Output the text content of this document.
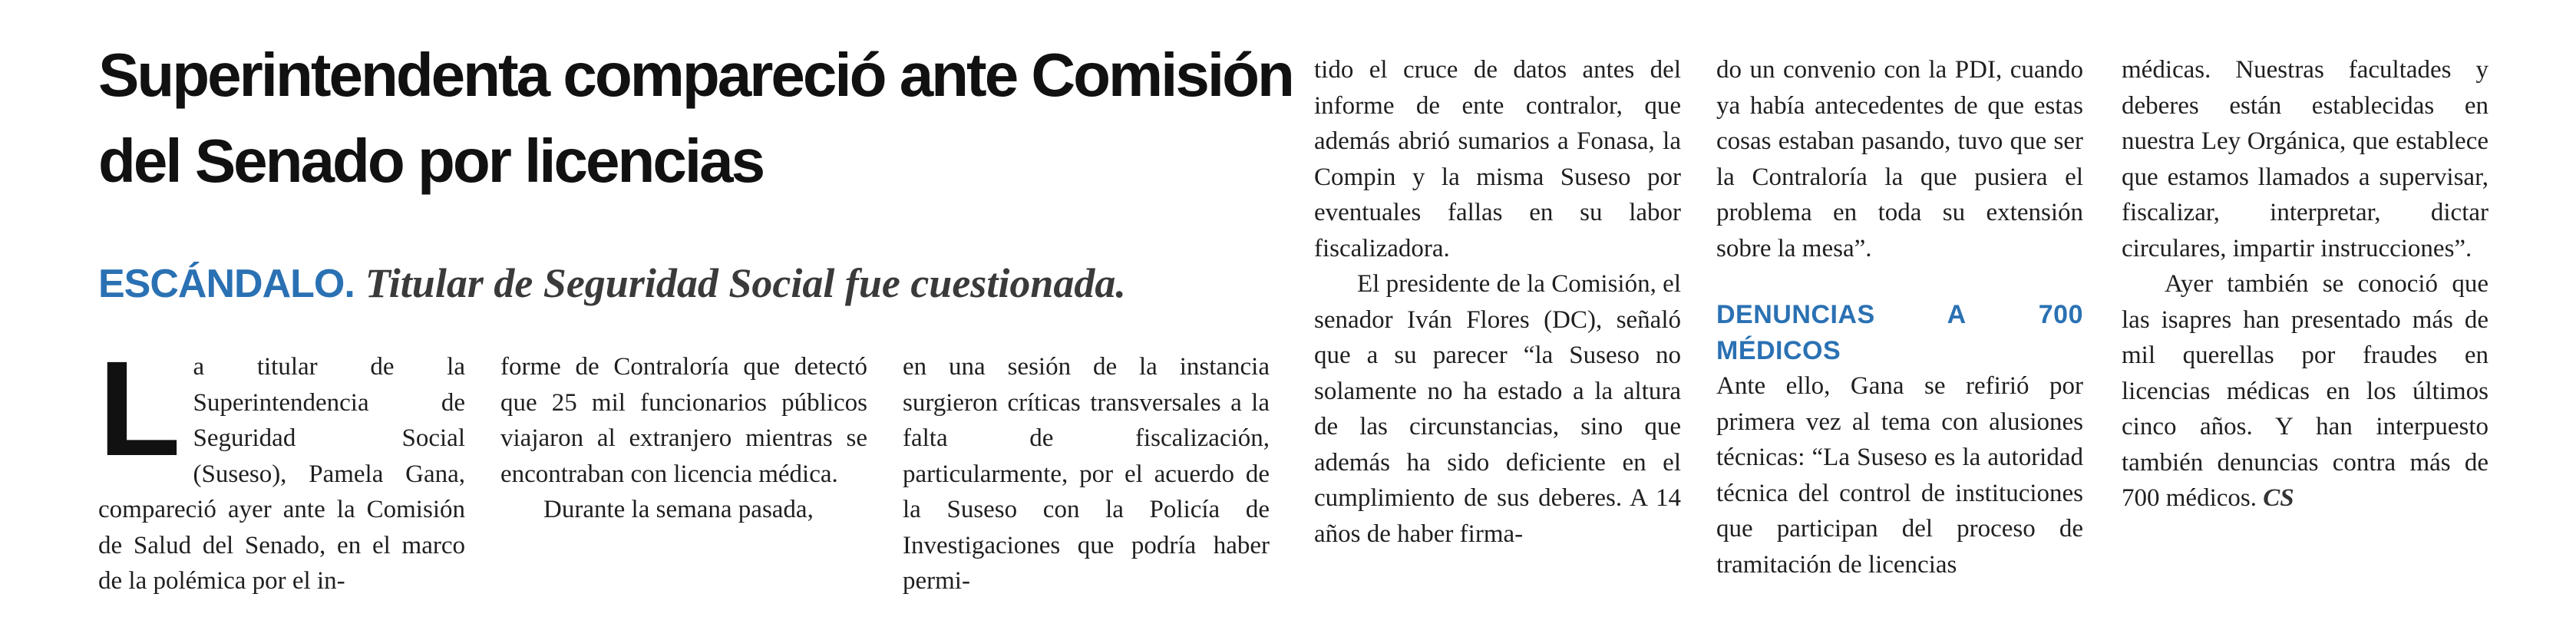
Superintendenta compareció ante Comisión del Senado por licencias
ESCÁNDALO. Titular de Seguridad Social fue cuestionada.

La titular de la Superintendencia de Seguridad Social (Suseso), Pamela Gana, compareció ayer ante la Comisión de Salud del Senado, en el marco de la polémica por el in-

forme de Contraloría que detectó que 25 mil funcionarios públicos viajaron al extranjero mientras se encontraban con licencia médica.

Durante la semana pasada,

en una sesión de la instancia surgieron críticas transversales a la falta de fiscalización, particularmente, por el acuerdo de la Suseso con la Policía de Investigaciones que podría haber permi-

tido el cruce de datos antes del informe de ente contralor, que además abrió sumarios a Fonasa, la Compin y la misma Suseso por eventuales fallas en su labor fiscalizadora.

El presidente de la Comisión, el senador Iván Flores (DC), señaló que a su parecer “la Suseso no solamente no ha estado a la altura de las circunstancias, sino que además ha sido deficiente en el cumplimiento de sus deberes. A 14 años de haber firma-

do un convenio con la PDI, cuando ya había antecedentes de que estas cosas estaban pasando, tuvo que ser la Contraloría la que pusiera el problema en toda su extensión sobre la mesa”.

DENUNCIAS A 700 MÉDICOS

Ante ello, Gana se refirió por primera vez al tema con alusiones técnicas: “La Suseso es la autoridad técnica del control de instituciones que participan del proceso de tramitación de licencias

médicas. Nuestras facultades y deberes están establecidas en nuestra Ley Orgánica, que establece que estamos llamados a supervisar, fiscalizar, interpretar, dictar circulares, impartir instrucciones”.

Ayer también se conoció que las isapres han presentado más de mil querellas por fraudes en licencias médicas en los últimos cinco años. Y han interpuesto también denuncias contra más de 700 médicos. CS
